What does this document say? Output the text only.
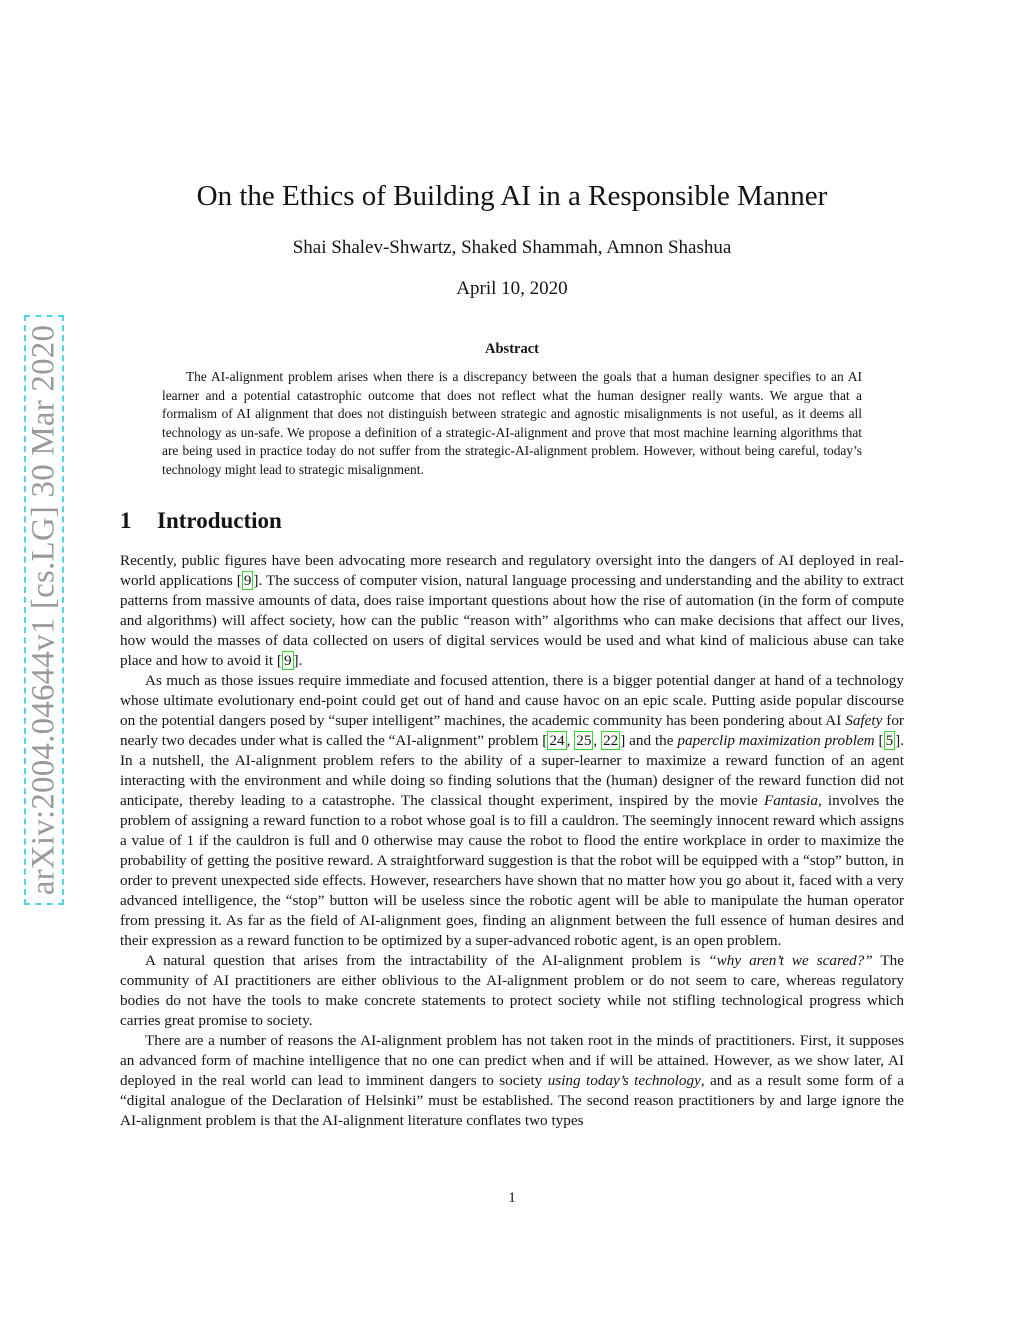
arXiv:2004.04644v1 [cs.LG] 30 Mar 2020
On the Ethics of Building AI in a Responsible Manner
Shai Shalev-Shwartz, Shaked Shammah, Amnon Shashua
April 10, 2020
Abstract

The AI-alignment problem arises when there is a discrepancy between the goals that a human designer specifies to an AI learner and a potential catastrophic outcome that does not reflect what the human designer really wants. We argue that a formalism of AI alignment that does not distinguish between strategic and agnostic misalignments is not useful, as it deems all technology as un-safe. We propose a definition of a strategic-AI-alignment and prove that most machine learning algorithms that are being used in practice today do not suffer from the strategic-AI-alignment problem. However, without being careful, today’s technology might lead to strategic misalignment.

1 Introduction

Recently, public figures have been advocating more research and regulatory oversight into the dangers of AI deployed in real-world applications [ 9 ]. The success of computer vision, natural language processing and understanding and the ability to extract patterns from massive amounts of data, does raise important questions about how the rise of automation (in the form of compute and algorithms) will affect society, how can the public “reason with” algorithms who can make decisions that affect our lives, how would the masses of data collected on users of digital services would be used and what kind of malicious abuse can take place and how to avoid it [ 9 ].

As much as those issues require immediate and focused attention, there is a bigger potential danger at hand of a technology whose ultimate evolutionary end-point could get out of hand and cause havoc on an epic scale. Putting aside popular discourse on the potential dangers posed by “super intelligent” machines, the academic community has been pondering about AI Safety for nearly two decades under what is called the “AI-alignment” problem [ 24 , 25 , 22 ] and the paperclip maximization problem [ 5 ]. In a nutshell, the AI-alignment problem refers to the ability of a super-learner to maximize a reward function of an agent interacting with the environment and while doing so finding solutions that the (human) designer of the reward function did not anticipate, thereby leading to a catastrophe. The classical thought experiment, inspired by the movie Fantasia, involves the problem of assigning a reward function to a robot whose goal is to fill a cauldron. The seemingly innocent reward which assigns a value of 1 if the cauldron is full and 0 otherwise may cause the robot to flood the entire workplace in order to maximize the probability of getting the positive reward. A straightforward suggestion is that the robot will be equipped with a “stop” button, in order to prevent unexpected side effects. However, researchers have shown that no matter how you go about it, faced with a very advanced intelligence, the “stop” button will be useless since the robotic agent will be able to manipulate the human operator from pressing it. As far as the field of AI-alignment goes, finding an alignment between the full essence of human desires and their expression as a reward function to be optimized by a super-advanced robotic agent, is an open problem.

A natural question that arises from the intractability of the AI-alignment problem is “why aren’t we scared?” The community of AI practitioners are either oblivious to the AI-alignment problem or do not seem to care, whereas regulatory bodies do not have the tools to make concrete statements to protect society while not stifling technological progress which carries great promise to society.

There are a number of reasons the AI-alignment problem has not taken root in the minds of practitioners. First, it supposes an advanced form of machine intelligence that no one can predict when and if will be attained. However, as we show later, AI deployed in the real world can lead to imminent dangers to society using today’s technology, and as a result some form of a “digital analogue of the Declaration of Helsinki” must be established. The second reason practitioners by and large ignore the AI-alignment problem is that the AI-alignment literature conflates two types

1
